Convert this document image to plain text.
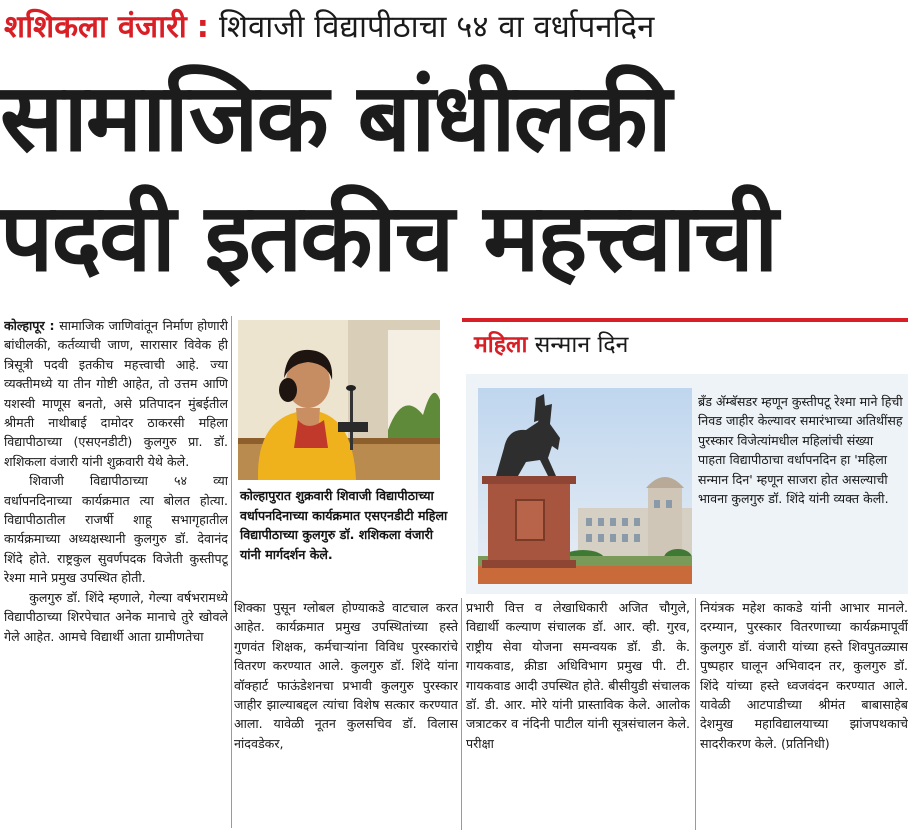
शशिकला वंजारी : शिवाजी विद्यापीठाचा ५४ वा वर्धापनदिन
सामाजिक बांधीलकी
पदवी इतकीच महत्त्वाची

कोल्हापूर : सामाजिक जाणिवांतून निर्माण होणारी बांधीलकी, कर्तव्याची जाण, सारासार विवेक ही त्रिसूत्री पदवी इतकीच महत्त्वाची आहे. ज्या व्यक्तीमध्ये या तीन गोष्टी आहेत, तो उत्तम आणि यशस्वी माणूस बनतो, असे प्रतिपादन मुंबईतील श्रीमती नाथीबाई दामोदर ठाकरसी महिला विद्यापीठाच्या (एसएनडीटी) कुलगुरु प्रा. डॉ. शशिकला वंजारी यांनी शुक्रवारी येथे केले.

शिवाजी विद्यापीठाच्या ५४ व्या वर्धापनदिनाच्या कार्यक्रमात त्या बोलत होत्या. विद्यापीठातील राजर्षी शाहू सभागृहातील कार्यक्रमाच्या अध्यक्षस्थानी कुलगुरु डॉ. देवानंद शिंदे होते. राष्ट्रकुल सुवर्णपदक विजेती कुस्तीपटू रेश्मा माने प्रमुख उपस्थित होती.

कुलगुरु डॉ. शिंदे म्हणाले, गेल्या वर्षभरामध्ये विद्यापीठाच्या शिरपेचात अनेक मानाचे तुरे खोवले गेले आहेत. आमचे विद्यार्थी आता ग्रामीणतेचा

कोल्हापुरात शुक्रवारी शिवाजी विद्यापीठाच्या वर्धापनदिनाच्या कार्यक्रमात एसएनडीटी महिला विद्यापीठाच्या कुलगुरु डॉ. शशिकला वंजारी यांनी मार्गदर्शन केले.
शिक्का पुसून ग्लोबल होण्याकडे वाटचाल करत आहेत. कार्यक्रमात प्रमुख उपस्थितांच्या हस्ते गुणवंत शिक्षक, कर्मचाऱ्यांना विविध पुरस्कारांचे वितरण करण्यात आले. कुलगुरु डॉ. शिंदे यांना वॉक्हार्ट फाऊंडेशनचा प्रभावी कुलगुरु पुरस्कार जाहीर झाल्याबद्दल त्यांचा विशेष सत्कार करण्यात आला. यावेळी नूतन कुलसचिव डॉ. विलास नांदवडेकर,
प्रभारी वित्त व लेखाधिकारी अजित चौगुले, विद्यार्थी कल्याण संचालक डॉ. आर. व्ही. गुरव, राष्ट्रीय सेवा योजना समन्वयक डॉ. डी. के. गायकवाड, क्रीडा अधिविभाग प्रमुख पी. टी. गायकवाड आदी उपस्थित होते. बीसीयुडी संचालक डॉ. डी. आर. मोरे यांनी प्रास्ताविक केले. आलोक जत्राटकर व नंदिनी पाटील यांनी सूत्रसंचालन केले. परीक्षा
नियंत्रक महेश काकडे यांनी आभार मानले. दरम्यान, पुरस्कार वितरणाच्या कार्यक्रमापूर्वी कुलगुरु डॉ. वंजारी यांच्या हस्ते शिवपुतळ्यास पुष्पहार घालून अभिवादन तर, कुलगुरु डॉ. शिंदे यांच्या हस्ते ध्वजवंदन करण्यात आले. यावेळी आटपाडीच्या श्रीमंत बाबासाहेब देशमुख महाविद्यालयाच्या झांजपथकाचे सादरीकरण केले. (प्रतिनिधी)
महिला सन्मान दिन
ब्रँड ॲम्बॅसडर म्हणून कुस्तीपटू रेश्मा माने हिची निवड जाहीर केल्यावर समारंभाच्या अतिथींसह पुरस्कार विजेत्यांमधील महिलांची संख्या पाहता विद्यापीठाचा वर्धापनदिन हा 'महिला सन्मान दिन' म्हणून साजरा होत असल्याची भावना कुलगुरु डॉ. शिंदे यांनी व्यक्त केली.
